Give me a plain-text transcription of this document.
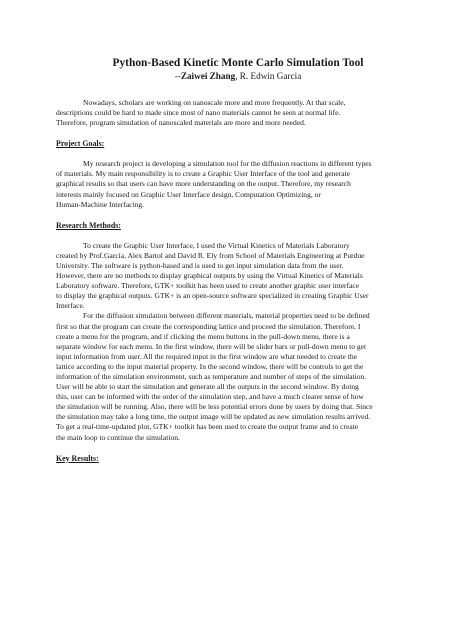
Python-Based Kinetic Monte Carlo Simulation Tool

--Zaiwei Zhang, R. Edwin Garcia

Nowadays, scholars are working on nanoscale more and more frequently. At that scale,
descriptions could be hard to made since most of nano materials cannot be seen at normal life.
Therefore, program simulation of nanoscaled materials are more and more needed.

Project Goals:

My research project is developing a simulation tool for the diffusion reactions in different types
of materials. My main responsibility is to create a Graphic User Interface of the tool and generate
graphical results so that users can have more understanding on the output. Therefore, my research
interests mainly focused on Graphic User Interface design, Computation Optimizing, or
Human-Machine Interfacing.

Research Methods:

To create the Graphic User Interface, I used the Virtual Kinetics of Materials Laboratory
created by Prof.Garcia, Alex Bartol and David R. Ely from School of Materials Engineering at Purdue
University. The software is python-based and is used to get input simulation data from the user.
However, there are no methods to display graphical outputs by using the Virtual Kinetics of Materials
Laboratory software. Therefore, GTK+ toolkit has been used to create another graphic user interface
to display the graphical outputs. GTK+ is an open-source software specialized in creating Graphic User
Interface.

For the diffusion simulation between different materials, material properties need to be defined
first so that the program can create the corresponding lattice and proceed the simulation. Therefore, I
create a menu for the program, and if clicking the menu buttons in the pull-down menu, there is a
separate window for each menu. In the first window, there will be slider bars or pull-down menu to get
input information from user. All the required input in the first window are what needed to create the
lattice according to the input material property. In the second window, there will be controls to get the
information of the simulation environment, such as temperature and number of steps of the simulation.
User will be able to start the simulation and generate all the outputs in the second window. By doing
this, user can be informed with the order of the simulation step, and have a much clearer sense of how
the simulation will be running. Also, there will be less potential errors done by users by doing that. Since
the simulation may take a long time, the output image will be updated as new simulation results arrived.
To get a real-time-updated plot, GTK+ toolkit has been used to create the output frame and to create
the main loop to continue the simulation.

Key Results:
